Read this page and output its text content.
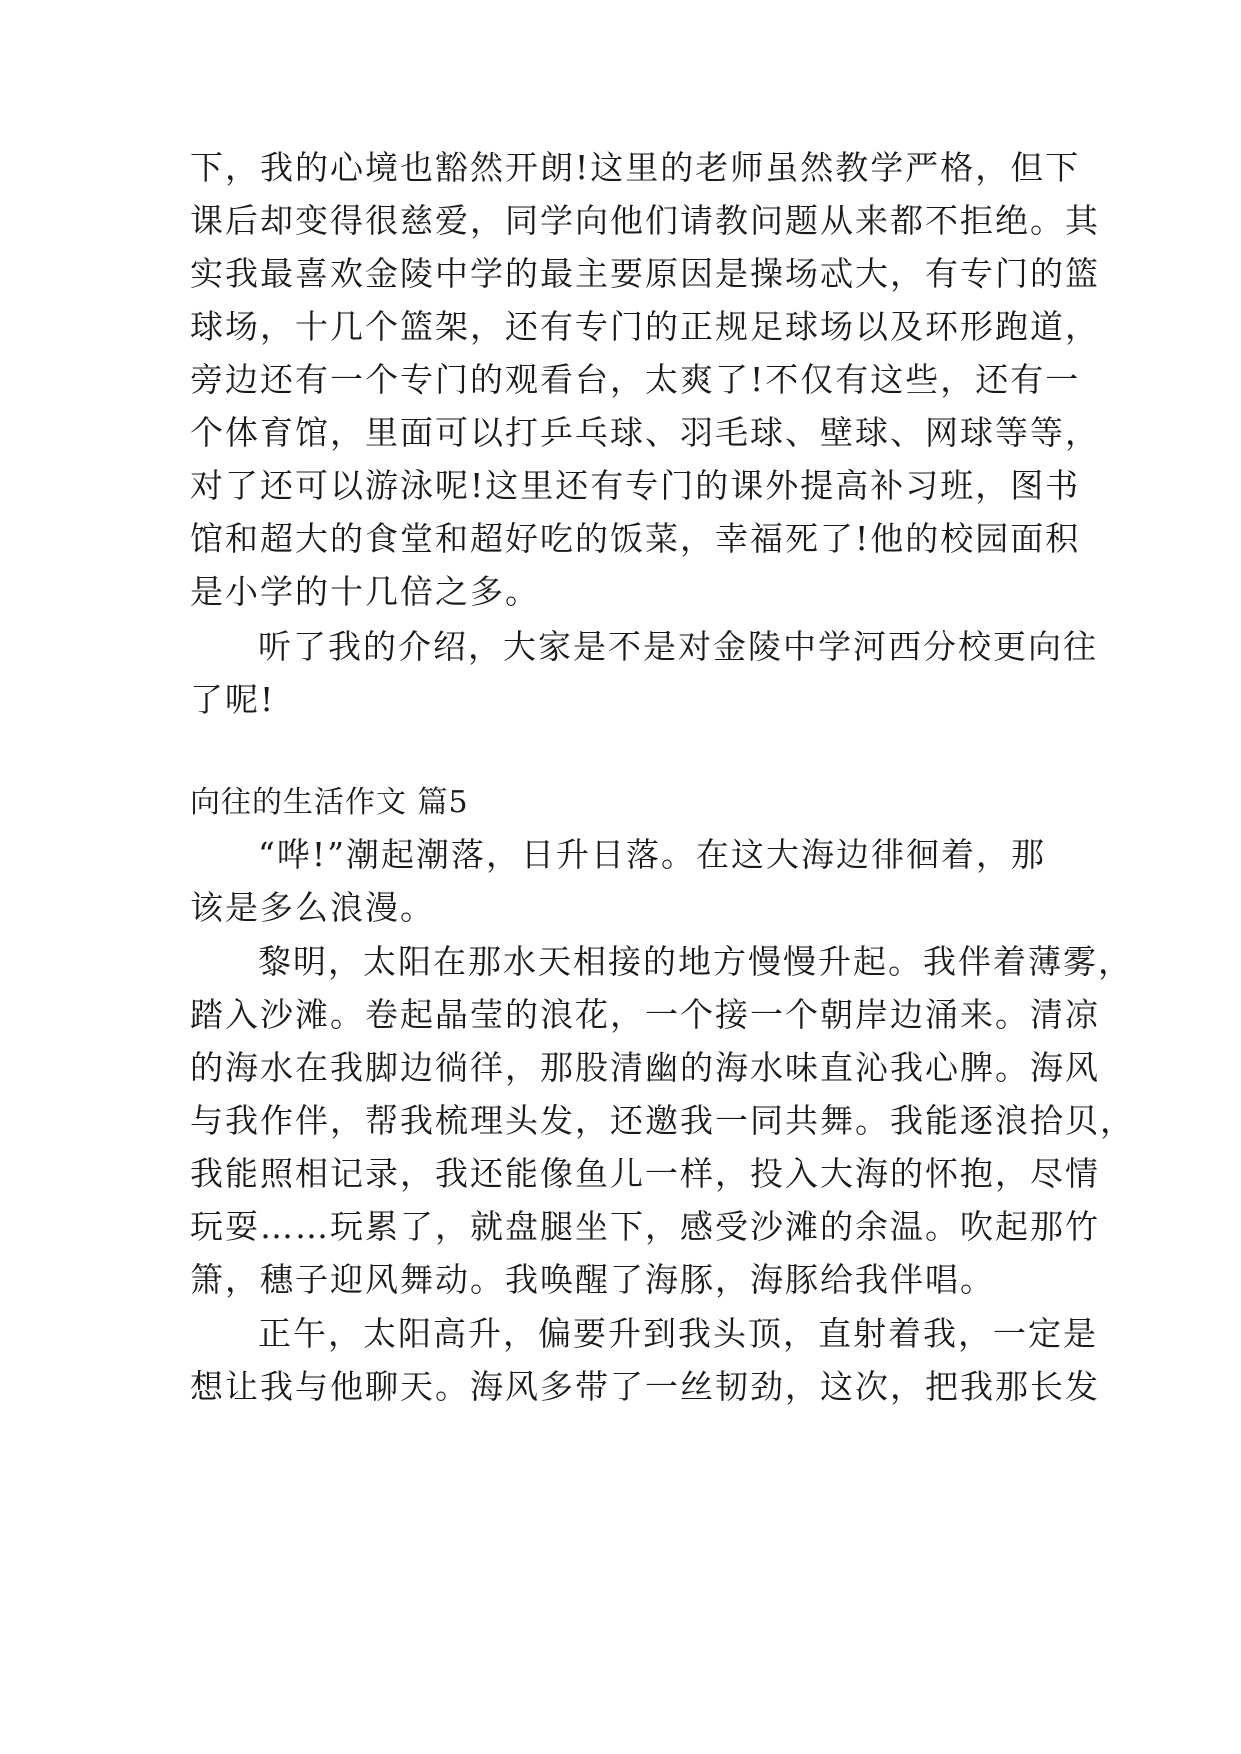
下，我的心境也豁然开朗!这里的老师虽然教学严格，但下
课后却变得很慈爱，同学向他们请教问题从来都不拒绝。其
实我最喜欢金陵中学的最主要原因是操场忒大，有专门的篮
球场，十几个篮架，还有专门的正规足球场以及环形跑道，
旁边还有一个专门的观看台，太爽了!不仅有这些，还有一
个体育馆，里面可以打乒乓球、羽毛球、壁球、网球等等，
对了还可以游泳呢!这里还有专门的课外提高补习班，图书
馆和超大的食堂和超好吃的饭菜，幸福死了!他的校园面积
是小学的十几倍之多。
听了我的介绍，大家是不是对金陵中学河西分校更向往
了呢!
向往的生活作文 篇5
“哗!”潮起潮落，日升日落。在这大海边徘徊着，那
该是多么浪漫。
黎明，太阳在那水天相接的地方慢慢升起。我伴着薄雾，
踏入沙滩。卷起晶莹的浪花，一个接一个朝岸边涌来。清凉
的海水在我脚边徜徉，那股清幽的海水味直沁我心脾。海风
与我作伴，帮我梳理头发，还邀我一同共舞。我能逐浪拾贝，
我能照相记录，我还能像鱼儿一样，投入大海的怀抱，尽情
玩耍……玩累了，就盘腿坐下，感受沙滩的余温。吹起那竹
箫，穗子迎风舞动。我唤醒了海豚，海豚给我伴唱。
正午，太阳高升，偏要升到我头顶，直射着我，一定是
想让我与他聊天。海风多带了一丝韧劲，这次，把我那长发
